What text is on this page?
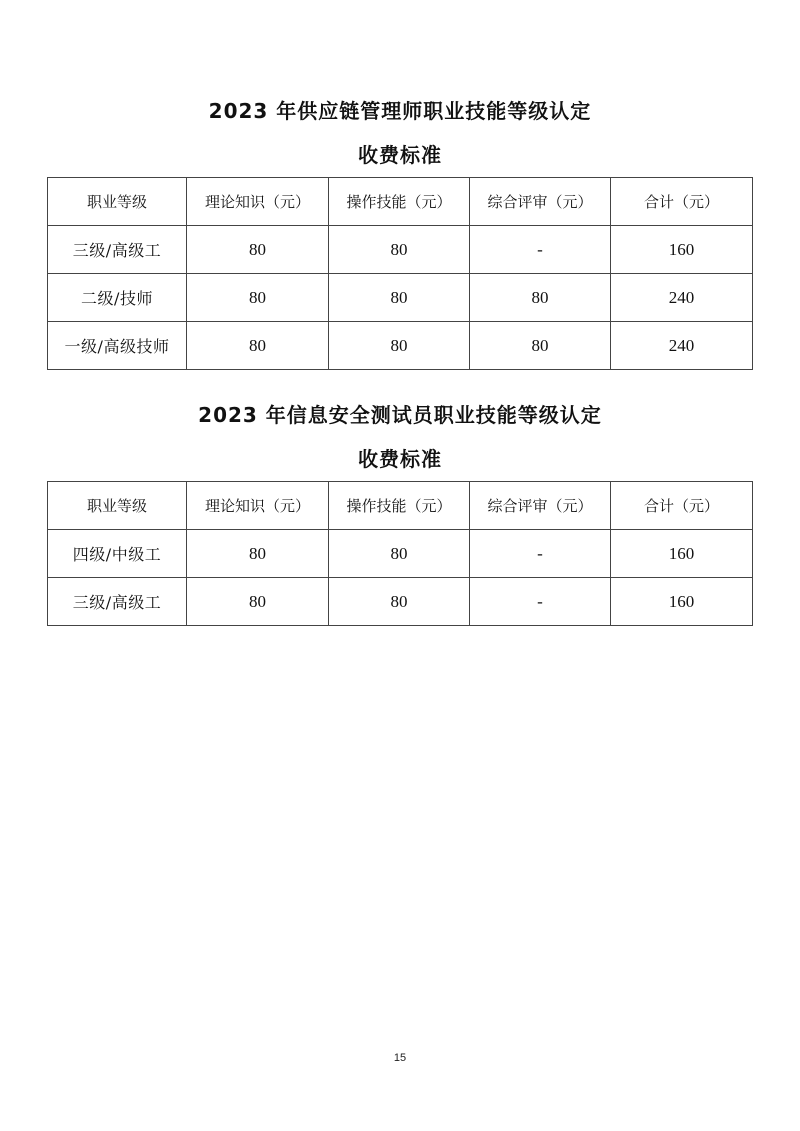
2023 年供应链管理师职业技能等级认定
收费标准
职业等级	理论知识（元）	操作技能（元）	综合评审（元）	合计（元）
三级/高级工	80	80	-	160
二级/技师	80	80	80	240
一级/高级技师	80	80	80	240
2023 年信息安全测试员职业技能等级认定
收费标准
职业等级	理论知识（元）	操作技能（元）	综合评审（元）	合计（元）
四级/中级工	80	80	-	160
三级/高级工	80	80	-	160
15
